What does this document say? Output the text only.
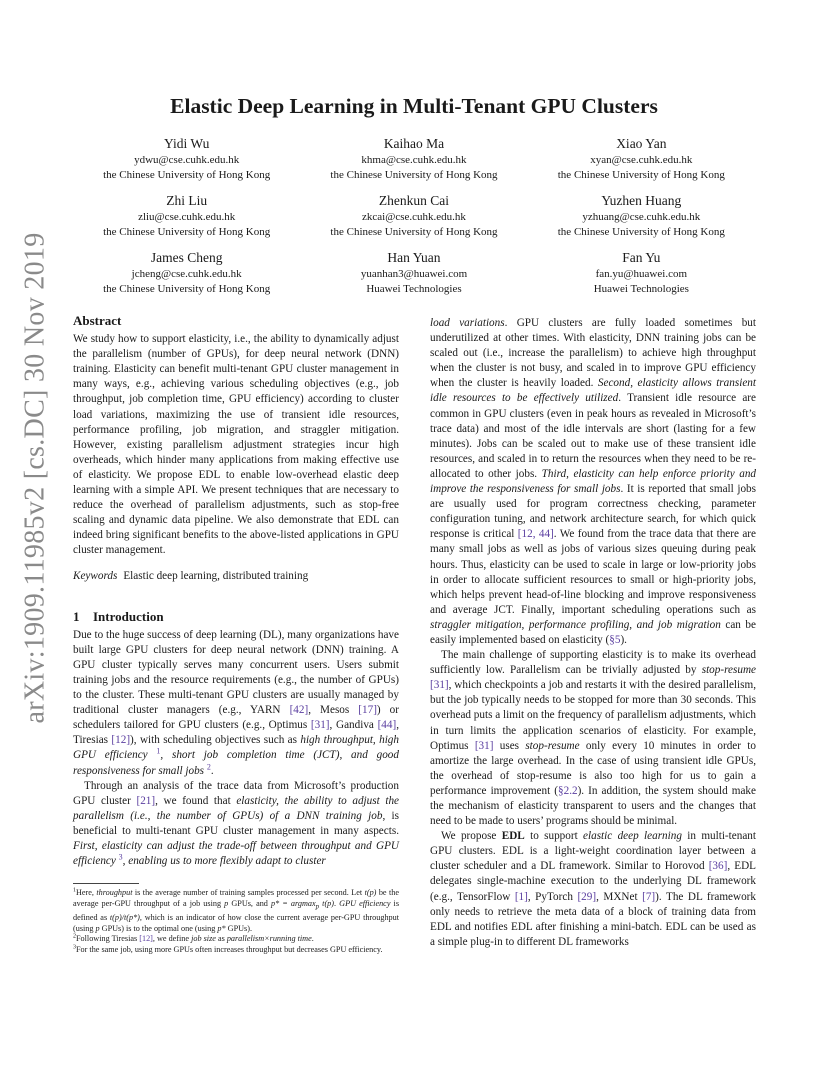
arXiv:1909.11985v2 [cs.DC] 30 Nov 2019
Elastic Deep Learning in Multi-Tenant GPU Clusters
Yidi Wu
ydwu@cse.cuhk.edu.hk
the Chinese University of Hong Kong
Kaihao Ma
khma@cse.cuhk.edu.hk
the Chinese University of Hong Kong
Xiao Yan
xyan@cse.cuhk.edu.hk
the Chinese University of Hong Kong
Zhi Liu
zliu@cse.cuhk.edu.hk
the Chinese University of Hong Kong
Zhenkun Cai
zkcai@cse.cuhk.edu.hk
the Chinese University of Hong Kong
Yuzhen Huang
yzhuang@cse.cuhk.edu.hk
the Chinese University of Hong Kong
James Cheng
jcheng@cse.cuhk.edu.hk
the Chinese University of Hong Kong
Han Yuan
yuanhan3@huawei.com
Huawei Technologies
Fan Yu
fan.yu@huawei.com
Huawei Technologies
Abstract

We study how to support elasticity, i.e., the ability to dynamically adjust the parallelism (number of GPUs), for deep neural network (DNN) training. Elasticity can benefit multi-tenant GPU cluster management in many ways, e.g., achieving various scheduling objectives (e.g., job throughput, job completion time, GPU efficiency) according to cluster load variations, maximizing the use of transient idle resources, performance profiling, job migration, and straggler mitigation. However, existing parallelism adjustment strategies incur high overheads, which hinder many applications from making effective use of elasticity. We propose EDL to enable low-overhead elastic deep learning with a simple API. We present techniques that are necessary to reduce the overhead of parallelism adjustments, such as stop-free scaling and dynamic data pipeline. We also demonstrate that EDL can indeed bring significant benefits to the above-listed applications in GPU cluster management.

Keywords Elastic deep learning, distributed training

1 Introduction

Due to the huge success of deep learning (DL), many organizations have built large GPU clusters for deep neural network (DNN) training. A GPU cluster typically serves many concurrent users. Users submit training jobs and the resource requirements (e.g., the number of GPUs) to the cluster. These multi-tenant GPU clusters are usually managed by traditional cluster managers (e.g., YARN [42], Mesos [17]) or schedulers tailored for GPU clusters (e.g., Optimus [31], Gandiva [44], Tiresias [12]), with scheduling objectives such as high throughput, high GPU efficiency $^1$, short job completion time (JCT), and good responsiveness for small jobs $^2$.

Through an analysis of the trace data from Microsoft’s production GPU cluster [21], we found that elasticity, the ability to adjust the parallelism (i.e., the number of GPUs) of a DNN training job, is beneficial to multi-tenant GPU cluster management in many aspects. First, elasticity can adjust the trade-off between throughput and GPU efficiency $^3$, enabling us to more flexibly adapt to cluster

$^1$Here, throughput is the average number of training samples processed per second. Let t(p) be the average per-GPU throughput of a job using p GPUs, and p* = argmax$_p$ t(p). GPU efficiency is defined as t(p)/t(p*), which is an indicator of how close the current average per-GPU throughput (using p GPUs) is to the optimal one (using p* GPUs).

$^2$Following Tiresias [12], we define job size as parallelism×running time.

$^3$For the same job, using more GPUs often increases throughput but decreases GPU efficiency.

load variations. GPU clusters are fully loaded sometimes but underutilized at other times. With elasticity, DNN training jobs can be scaled out (i.e., increase the parallelism) to achieve high throughput when the cluster is not busy, and scaled in to improve GPU efficiency when the cluster is heavily loaded. Second, elasticity allows transient idle resources to be effectively utilized. Transient idle resource are common in GPU clusters (even in peak hours as revealed in Microsoft’s trace data) and most of the idle intervals are short (lasting for a few minutes). Jobs can be scaled out to make use of these transient idle resources, and scaled in to return the resources when they need to be re-allocated to other jobs. Third, elasticity can help enforce priority and improve the responsiveness for small jobs. It is reported that small jobs are usually used for program correctness checking, parameter configuration tuning, and network architecture search, for which quick response is critical [12, 44]. We found from the trace data that there are many small jobs as well as jobs of various sizes queuing during peak hours. Thus, elasticity can be used to scale in large or low-priority jobs in order to allocate sufficient resources to small or high-priority jobs, which helps prevent head-of-line blocking and improve responsiveness and average JCT. Finally, important scheduling operations such as straggler mitigation, performance profiling, and job migration can be easily implemented based on elasticity (§5).

The main challenge of supporting elasticity is to make its overhead sufficiently low. Parallelism can be trivially adjusted by stop-resume [31], which checkpoints a job and restarts it with the desired parallelism, but the job typically needs to be stopped for more than 30 seconds. This overhead puts a limit on the frequency of parallelism adjustments, which in turn limits the application scenarios of elasticity. For example, Optimus [31] uses stop-resume only every 10 minutes in order to amortize the large overhead. In the case of using transient idle GPUs, the overhead of stop-resume is also too high for us to gain a performance improvement (§2.2). In addition, the system should make the mechanism of elasticity transparent to users and the changes that need to be made to users’ programs should be minimal.

We propose EDL to support elastic deep learning in multi-tenant GPU clusters. EDL is a light-weight coordination layer between a cluster scheduler and a DL framework. Similar to Horovod [36], EDL delegates single-machine execution to the underlying DL framework (e.g., TensorFlow [1], PyTorch [29], MXNet [7]). The DL framework only needs to retrieve the meta data of a block of training data from EDL and notifies EDL after finishing a mini-batch. EDL can be used as a simple plug-in to different DL frameworks
